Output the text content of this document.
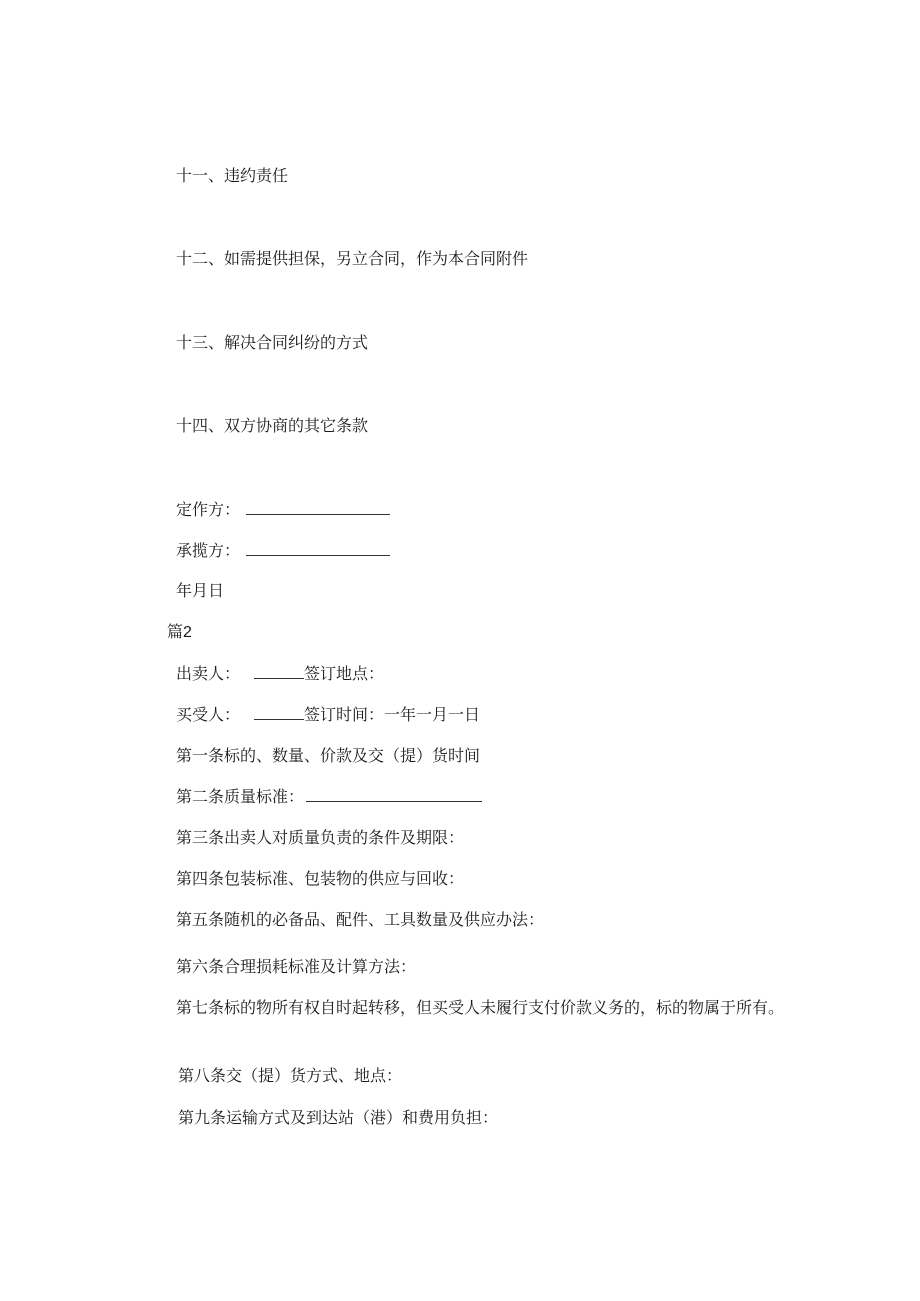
十一、违约责任
十二、如需提供担保，另立合同，作为本合同附件
十三、解决合同纠纷的方式
十四、双方协商的其它条款
定作方：
承揽方：
年月日
篇2
出卖人：	签订地点：
买受人：	签订时间：一年一月一日
第一条标的、数量、价款及交（提）货时间
第二条质量标准：
第三条出卖人对质量负责的条件及期限：
第四条包装标准、包装物的供应与回收：
第五条随机的必备品、配件、工具数量及供应办法：
第六条合理损耗标准及计算方法：
第七条标的物所有权自时起转移，但买受人未履行支付价款义务的，标的物属于所有。
第八条交（提）货方式、地点：
第九条运输方式及到达站（港）和费用负担：
